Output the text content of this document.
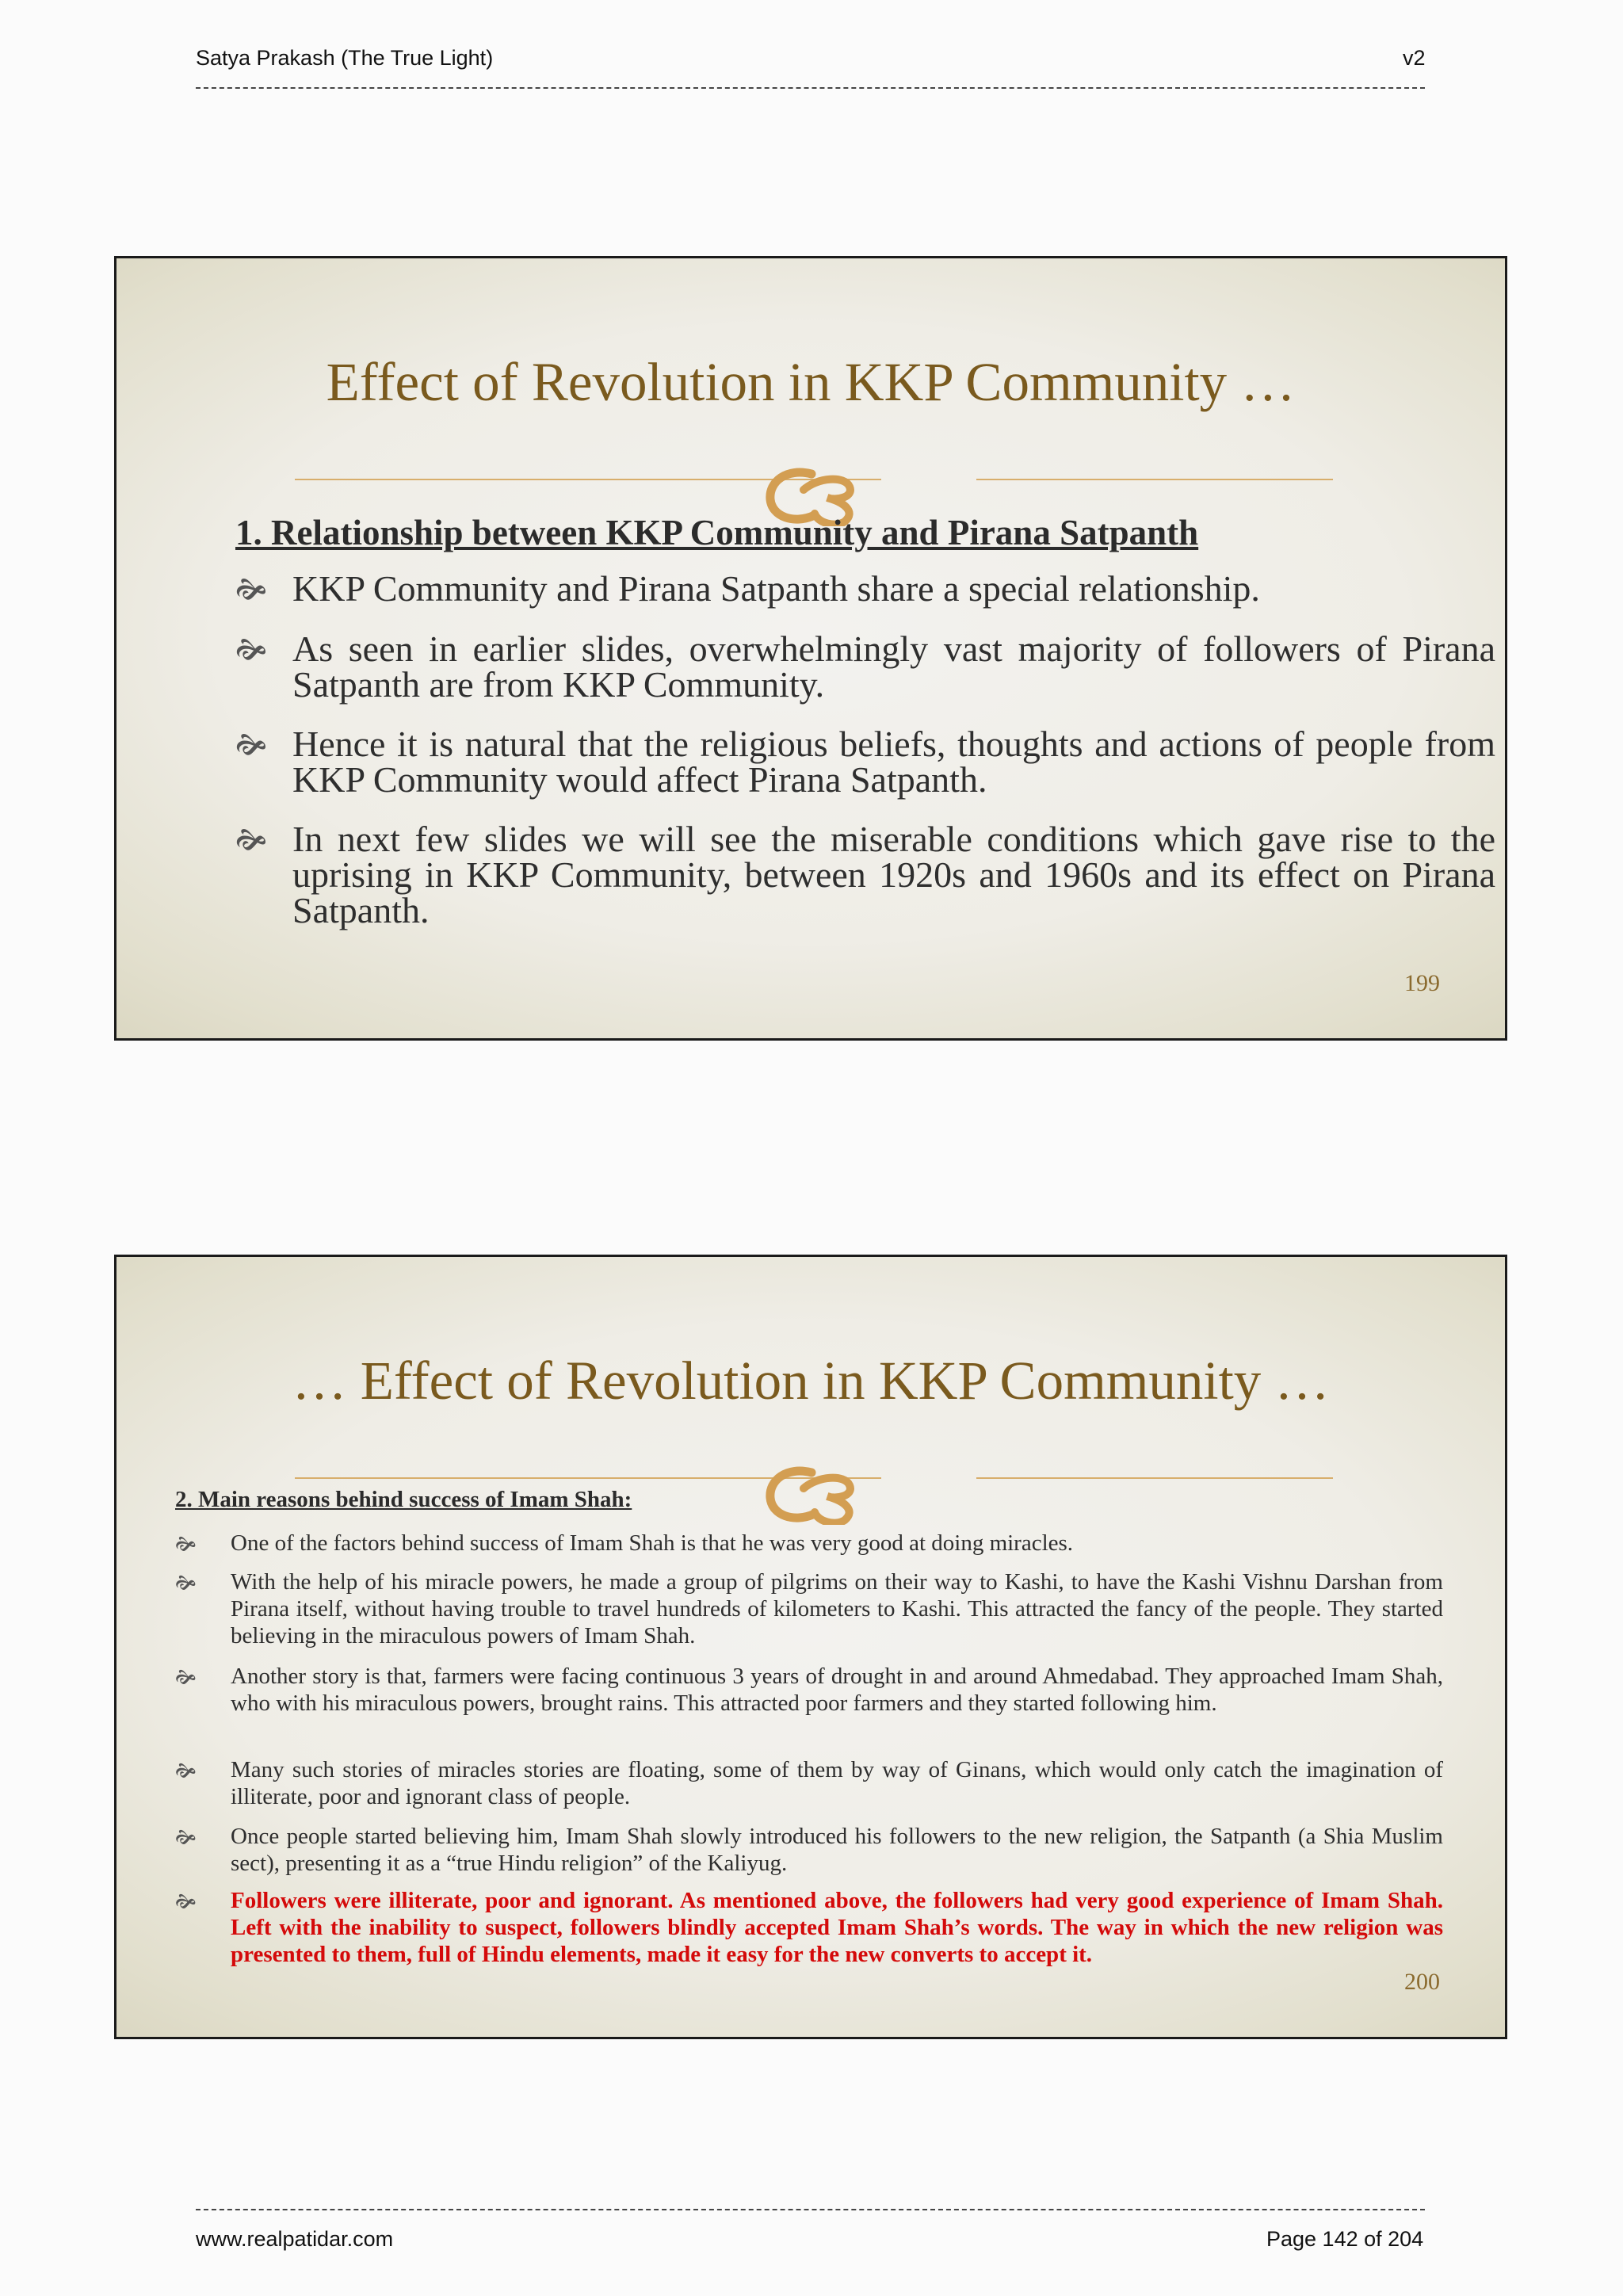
Satya Prakash (The True Light)	v2
Effect of Revolution in KKP Community …
1. Relationship between KKP Community and Pirana Satpanth
🙞 KKP Community and Pirana Satpanth share a special relationship.
🙞 As seen in earlier slides, overwhelmingly vast majority of followers of Pirana Satpanth are from KKP Community.
🙞 Hence it is natural that the religious beliefs, thoughts and actions of people from KKP Community would affect Pirana Satpanth.
🙞 In next few slides we will see the miserable conditions which gave rise to the uprising in KKP Community, between 1920s and 1960s and its effect on Pirana Satpanth.
199
… Effect of Revolution in KKP Community …
2. Main reasons behind success of Imam Shah:
🙞 One of the factors behind success of Imam Shah is that he was very good at doing miracles.
🙞 With the help of his miracle powers, he made a group of pilgrims on their way to Kashi, to have the Kashi Vishnu Darshan from Pirana itself, without having trouble to travel hundreds of kilometers to Kashi. This attracted the fancy of the people. They started believing in the miraculous powers of Imam Shah.
🙞 Another story is that, farmers were facing continuous 3 years of drought in and around Ahmedabad. They approached Imam Shah, who with his miraculous powers, brought rains. This attracted poor farmers and they started following him.
🙞 Many such stories of miracles stories are floating, some of them by way of Ginans, which would only catch the imagination of illiterate, poor and ignorant class of people.
🙞 Once people started believing him, Imam Shah slowly introduced his followers to the new religion, the Satpanth (a Shia Muslim sect), presenting it as a “true Hindu religion” of the Kaliyug.
🙞 Followers were illiterate, poor and ignorant. As mentioned above, the followers had very good experience of Imam Shah. Left with the inability to suspect, followers blindly accepted Imam Shah’s words. The way in which the new religion was presented to them, full of Hindu elements, made it easy for the new converts to accept it.
200
www.realpatidar.com	Page 142 of 204
